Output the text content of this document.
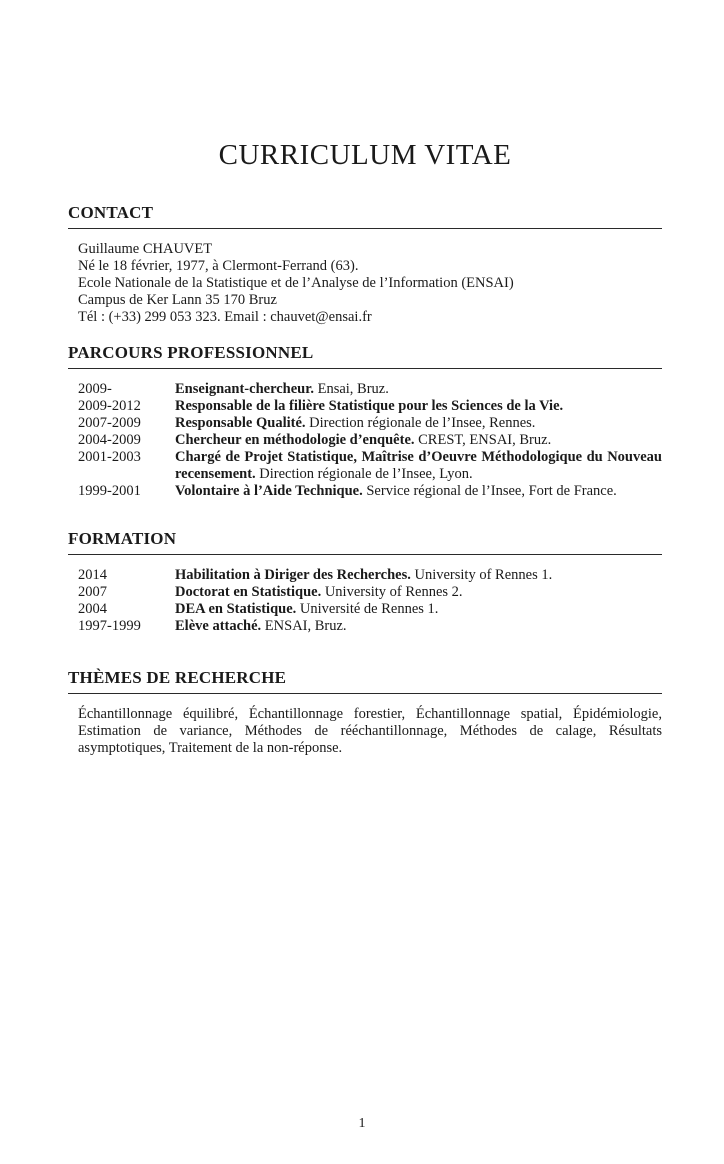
CURRICULUM VITAE
CONTACT
Guillaume CHAUVET
Né le 18 février, 1977, à Clermont-Ferrand (63).
Ecole Nationale de la Statistique et de l’Analyse de l’Information (ENSAI)
Campus de Ker Lann 35 170 Bruz
Tél : (+33) 299 053 323. Email : chauvet@ensai.fr
PARCOURS PROFESSIONNEL
2009-	Enseignant-chercheur. Ensai, Bruz.
2009-2012	Responsable de la filière Statistique pour les Sciences de la Vie.
2007-2009	Responsable Qualité. Direction régionale de l’Insee, Rennes.
2004-2009	Chercheur en méthodologie d’enquête. CREST, ENSAI, Bruz.
2001-2003	Chargé de Projet Statistique, Maîtrise d’Oeuvre Méthodologique du Nouveau recensement. Direction régionale de l’Insee, Lyon.
1999-2001	Volontaire à l’Aide Technique. Service régional de l’Insee, Fort de France.
FORMATION
2014	Habilitation à Diriger des Recherches. University of Rennes 1.
2007	Doctorat en Statistique. University of Rennes 2.
2004	DEA en Statistique. Université de Rennes 1.
1997-1999	Elève attaché. ENSAI, Bruz.
THÈMES DE RECHERCHE

Échantillonnage équilibré, Échantillonnage forestier, Échantillonnage spatial, Épidémiologie, Estimation de variance, Méthodes de rééchantillonnage, Méthodes de calage, Résultats asymptotiques, Traitement de la non-réponse.

1
